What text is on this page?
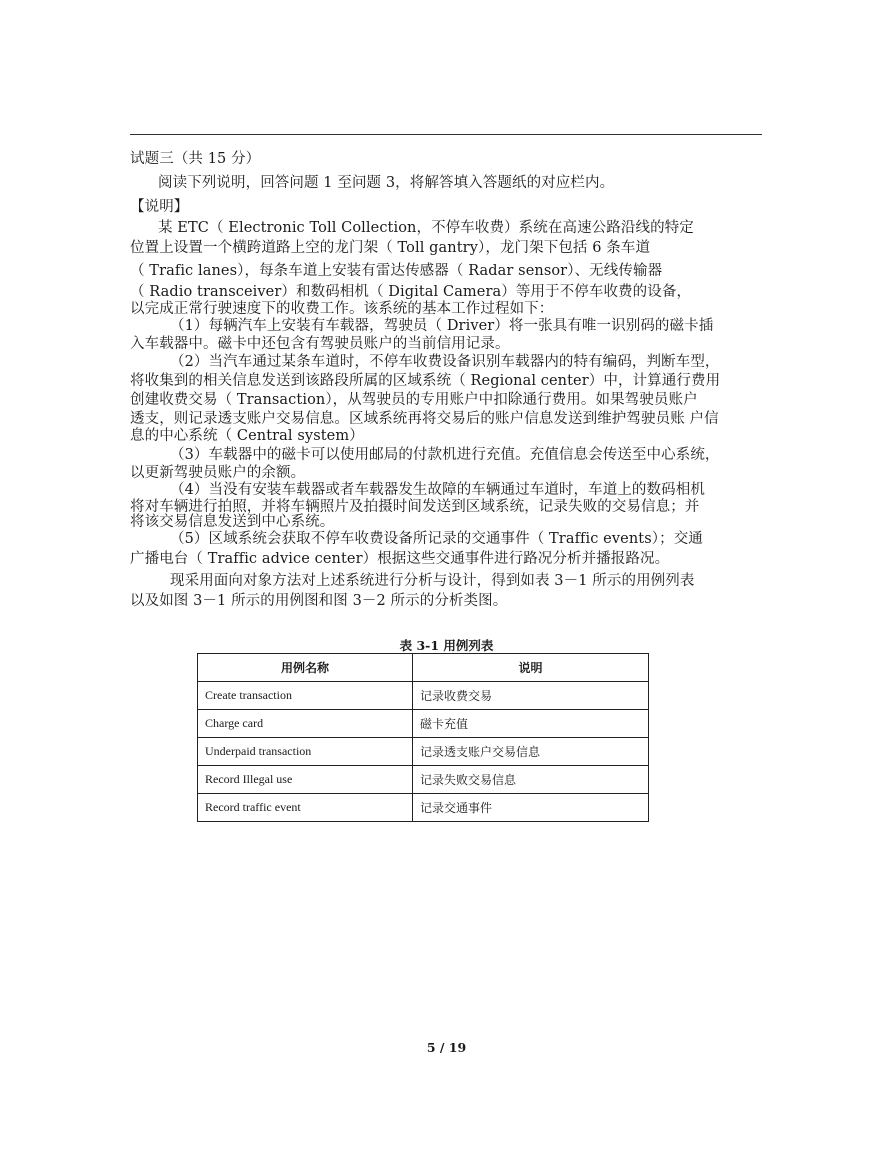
试题三（共 15 分）
阅读下列说明，回答问题 1 至问题 3，将解答填入答题纸的对应栏内。
【说明】
某 ETC（ Electronic Toll Collection，不停车收费）系统在高速公路沿线的特定
位置上设置一个横跨道路上空的龙门架（ Toll gantry），龙门架下包括 6 条车道
（ Trafic lanes），每条车道上安装有雷达传感器（ Radar sensor）、无线传输器
（ Radio transceiver）和数码相机（ Digital Camera）等用于不停车收费的设备，
以完成正常行驶速度下的收费工作。该系统的基本工作过程如下：
（1）每辆汽车上安装有车载器，驾驶员（ Driver）将一张具有唯一识别码的磁卡插
入车载器中。磁卡中还包含有驾驶员账户的当前信用记录。
（2）当汽车通过某条车道时，不停车收费设备识别车载器内的特有编码，判断车型，
将收集到的相关信息发送到该路段所属的区域系统（ Regional center）中，计算通行费用
创建收费交易（ Transaction），从驾驶员的专用账户中扣除通行费用。如果驾驶员账户
透支，则记录透支账户交易信息。区域系统再将交易后的账户信息发送到维护驾驶员账 户信
息的中心系统（ Central system）
（3）车载器中的磁卡可以使用邮局的付款机进行充值。充值信息会传送至中心系统，
以更新驾驶员账户的余额。
（4）当没有安装车载器或者车载器发生故障的车辆通过车道时，车道上的数码相机
将对车辆进行拍照，并将车辆照片及拍摄时间发送到区域系统，记录失败的交易信息；并
将该交易信息发送到中心系统。
（5）区域系统会获取不停车收费设备所记录的交通事件（ Traffic events）；交通
广播电台（ Traffic advice center）根据这些交通事件进行路况分析并播报路况。
现采用面向对象方法对上述系统进行分析与设计，得到如表 3－1 所示的用例列表
以及如图 3－1 所示的用例图和图 3－2 所示的分析类图。
表 3-1 用例列表
用例名称	说明
Create transaction	记录收费交易
Charge card	磁卡充值
Underpaid transaction	记录透支账户交易信息
Record Illegal use	记录失败交易信息
Record traffic event	记录交通事件
5 / 19
